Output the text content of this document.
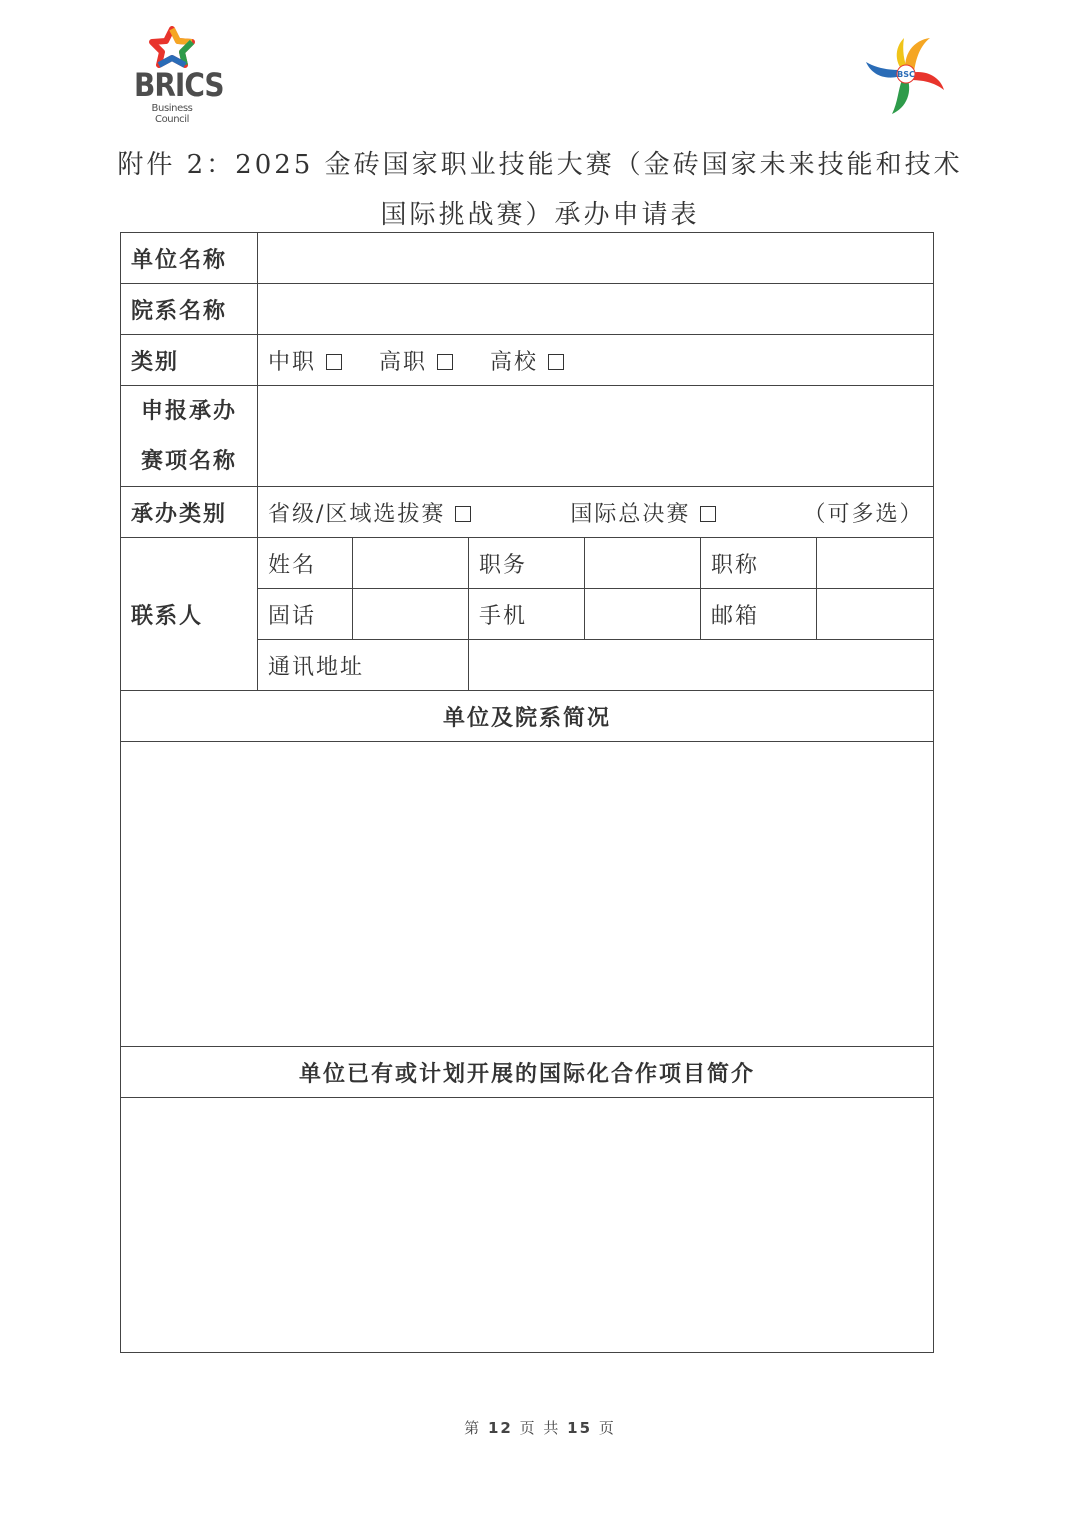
BRICS
Business Council
BSC
附件 2：2025 金砖国家职业技能大赛（金砖国家未来技能和技术
国际挑战赛）承办申请表
单位名称						
院系名称						
类别	中职 高职 高校					

申报承办
赛项名称						

承办类别	省级/区域选拔赛 国际总决赛 （可多选）					
联系人	姓名		职务		职称	
	固话		手机		邮箱	
	通讯地址					
单位及院系简况						

单位已有或计划开展的国际化合作项目简介						

第 12 页 共 15 页
